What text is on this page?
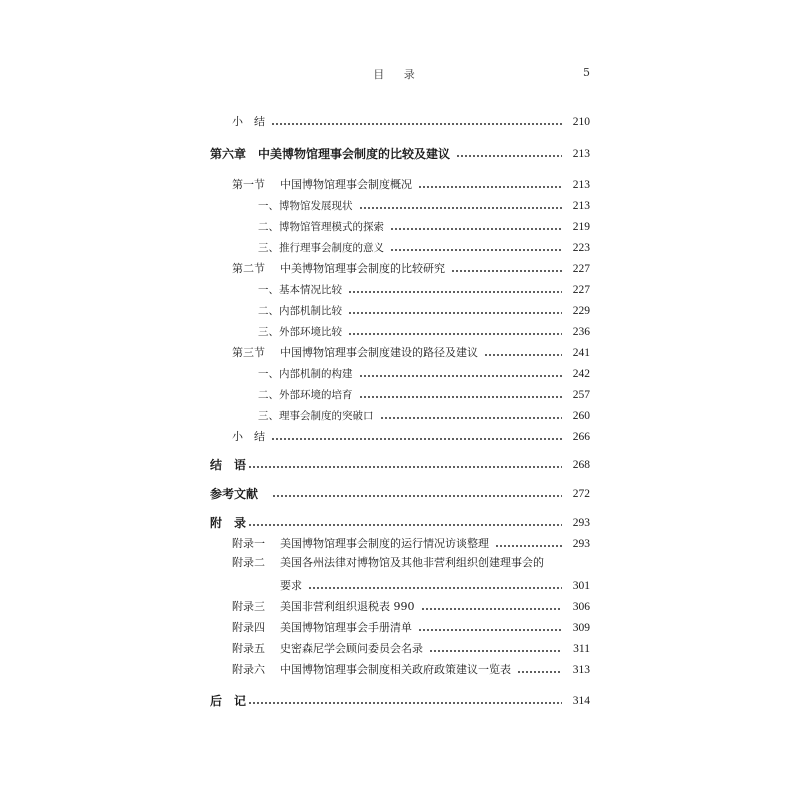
目 录	5
小　结	210
第六章 中美博物馆理事会制度的比较及建议	213
第一节 中国博物馆理事会制度概况	213
一、博物馆发展现状	213
二、博物馆管理模式的探索	219
三、推行理事会制度的意义	223
第二节 中美博物馆理事会制度的比较研究	227
一、基本情况比较	227
二、内部机制比较	229
三、外部环境比较	236
第三节 中国博物馆理事会制度建设的路径及建议	241
一、内部机制的构建	242
二、外部环境的培育	257
三、理事会制度的突破口	260
小　结	266
结　语	268
参考文献	272
附　录	293
附录一 美国博物馆理事会制度的运行情况访谈整理	293
附录二 美国各州法律对博物馆及其他非营利组织创建理事会的
要求	301
附录三 美国非营利组织退税表 990	306
附录四 美国博物馆理事会手册清单	309
附录五 史密森尼学会顾问委员会名录	311
附录六 中国博物馆理事会制度相关政府政策建议一览表	313
后　记	314
